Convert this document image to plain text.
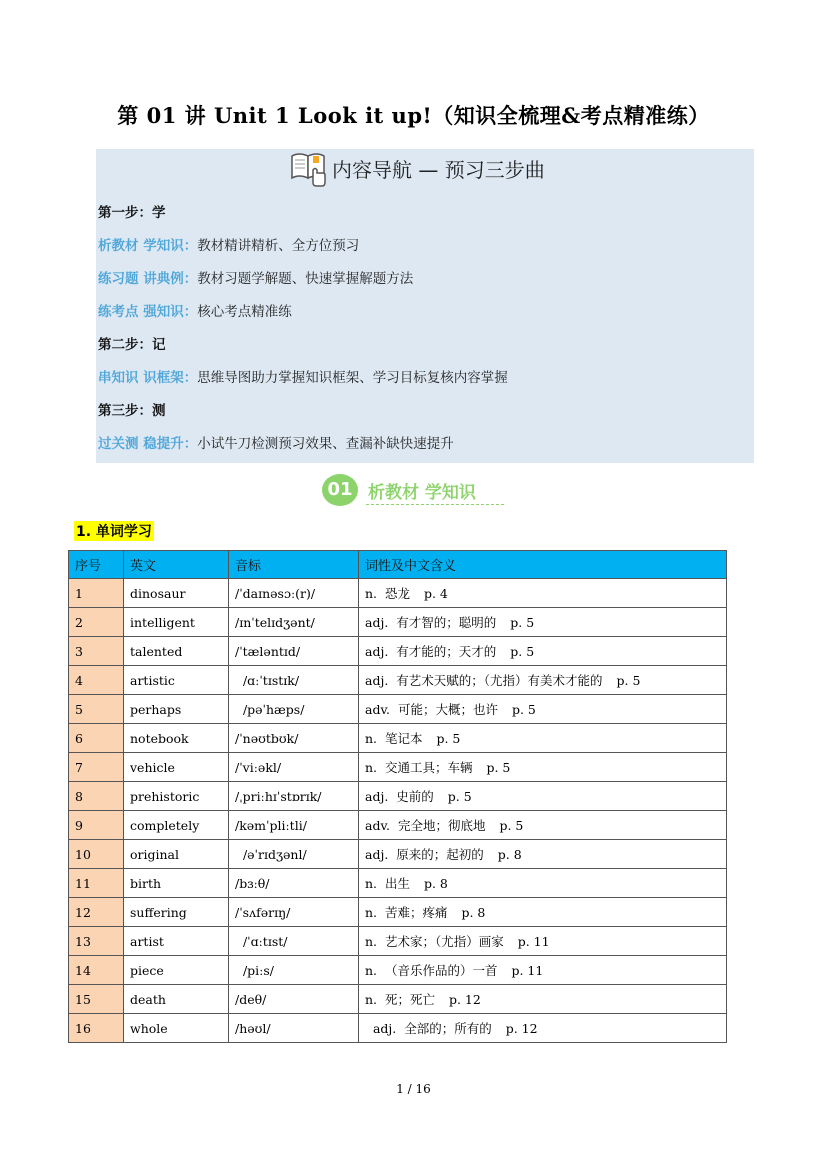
第 01 讲 Unit 1 Look it up!（知识全梳理&考点精准练）
内容导航 — 预习三步曲
第一步：学
析教材 学知识：教材精讲精析、全方位预习
练习题 讲典例：教材习题学解题、快速掌握解题方法
练考点 强知识：核心考点精准练
第二步：记
串知识 识框架：思维导图助力掌握知识框架、学习目标复核内容掌握
第三步：测
过关测 稳提升：小试牛刀检测预习效果、查漏补缺快速提升
01 析教材 学知识
1. 单词学习
序号	英文	音标	词性及中文含义
1	dinosaur	/ˈdaɪnəsɔː(r)/	n.  恐龙 p. 4
2	intelligent	/ɪnˈtelɪdʒənt/	adj.  有才智的；聪明的 p. 5
3	talented	/ˈtæləntɪd/	adj.  有才能的；天才的 p. 5
4	artistic	/ɑːˈtɪstɪk/	adj.  有艺术天赋的；（尤指）有美术才能的 p. 5
5	perhaps	/pəˈhæps/	adv.  可能；大概；也许 p. 5
6	notebook	/ˈnəʊtbʊk/	n.  笔记本 p. 5
7	vehicle	/ˈviːəkl/	n.  交通工具；车辆 p. 5
8	prehistoric	/ˌpriːhɪˈstɒrɪk/	adj.  史前的 p. 5
9	completely	/kəmˈpliːtli/	adv.  完全地；彻底地 p. 5
10	original	/əˈrɪdʒənl/	adj.  原来的；起初的 p. 8
11	birth	/bɜːθ/	n.  出生 p. 8
12	suffering	/ˈsʌfərɪŋ/	n.  苦难；疼痛 p. 8
13	artist	/ˈɑːtɪst/	n.  艺术家；（尤指）画家 p. 11
14	piece	/piːs/	n.  （音乐作品的）一首 p. 11
15	death	/deθ/	n.  死；死亡 p. 12
16	whole	/həʊl/	adj.  全部的；所有的 p. 12
1 / 16
